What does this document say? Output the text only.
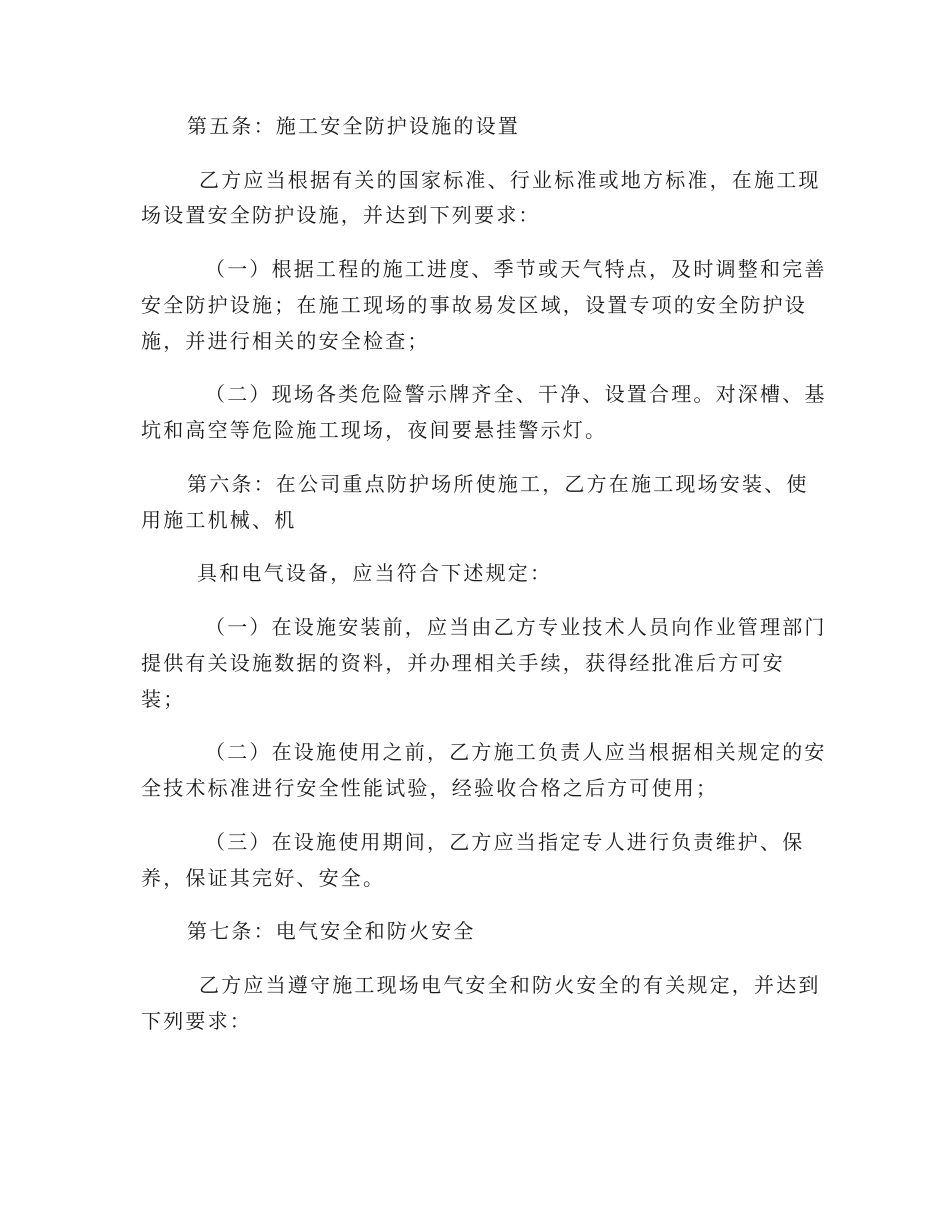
第五条：施工安全防护设施的设置

乙方应当根据有关的国家标准、行业标准或地方标准，在施工现

场设置安全防护设施，并达到下列要求：

（一）根据工程的施工进度、季节或天气特点，及时调整和完善

安全防护设施；在施工现场的事故易发区域，设置专项的安全防护设

施，并进行相关的安全检查；

（二）现场各类危险警示牌齐全、干净、设置合理。对深槽、基

坑和高空等危险施工现场，夜间要悬挂警示灯。

第六条：在公司重点防护场所使施工，乙方在施工现场安装、使

用施工机械、机

具和电气设备，应当符合下述规定：

（一）在设施安装前，应当由乙方专业技术人员向作业管理部门

提供有关设施数据的资料，并办理相关手续，获得经批准后方可安

装；

（二）在设施使用之前，乙方施工负责人应当根据相关规定的安

全技术标准进行安全性能试验，经验收合格之后方可使用；

（三）在设施使用期间，乙方应当指定专人进行负责维护、保

养，保证其完好、安全。

第七条：电气安全和防火安全

乙方应当遵守施工现场电气安全和防火安全的有关规定，并达到

下列要求：
